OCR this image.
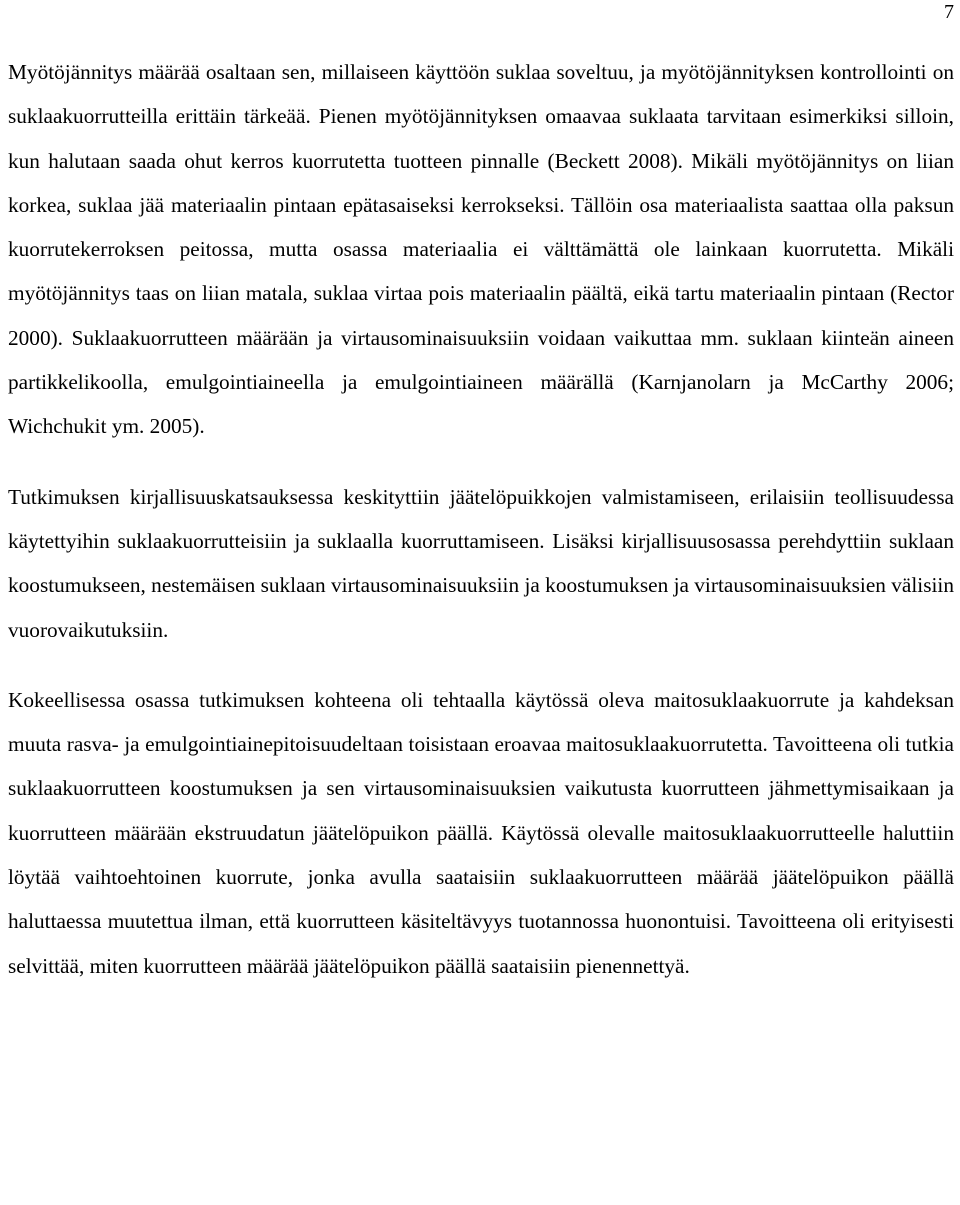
7

Myötöjännitys määrää osaltaan sen, millaiseen käyttöön suklaa soveltuu, ja myötöjännityksen kontrollointi on suklaakuorrutteilla erittäin tärkeää. Pienen myötöjännityksen omaavaa suklaata tarvitaan esimerkiksi silloin, kun halutaan saada ohut kerros kuorrutetta tuotteen pinnalle (Beckett 2008). Mikäli myötöjännitys on liian korkea, suklaa jää materiaalin pintaan epätasaiseksi kerrokseksi. Tällöin osa materiaalista saattaa olla paksun kuorrutekerroksen peitossa, mutta osassa materiaalia ei välttämättä ole lainkaan kuorrutetta. Mikäli myötöjännitys taas on liian matala, suklaa virtaa pois materiaalin päältä, eikä tartu materiaalin pintaan (Rector 2000). Suklaakuorrutteen määrään ja virtausominaisuuksiin voidaan vaikuttaa mm. suklaan kiinteän aineen partikkelikoolla, emulgointiaineella ja emulgointiaineen määrällä (Karnjanolarn ja McCarthy 2006; Wichchukit ym. 2005).

Tutkimuksen kirjallisuuskatsauksessa keskityttiin jäätelöpuikkojen valmistamiseen, erilaisiin teollisuudessa käytettyihin suklaakuorrutteisiin ja suklaalla kuorruttamiseen. Lisäksi kirjallisuusosassa perehdyttiin suklaan koostumukseen, nestemäisen suklaan virtausominaisuuksiin ja koostumuksen ja virtausominaisuuksien välisiin vuorovaikutuksiin.

Kokeellisessa osassa tutkimuksen kohteena oli tehtaalla käytössä oleva maitosuklaakuorrute ja kahdeksan muuta rasva- ja emulgointiainepitoisuudeltaan toisistaan eroavaa maitosuklaakuorrutetta. Tavoitteena oli tutkia suklaakuorrutteen koostumuksen ja sen virtausominaisuuksien vaikutusta kuorrutteen jähmettymisaikaan ja kuorrutteen määrään ekstruudatun jäätelöpuikon päällä. Käytössä olevalle maitosuklaakuorrutteelle haluttiin löytää vaihtoehtoinen kuorrute, jonka avulla saataisiin suklaakuorrutteen määrää jäätelöpuikon päällä haluttaessa muutettua ilman, että kuorrutteen käsiteltävyys tuotannossa huonontuisi. Tavoitteena oli erityisesti selvittää, miten kuorrutteen määrää jäätelöpuikon päällä saataisiin pienennettyä.
